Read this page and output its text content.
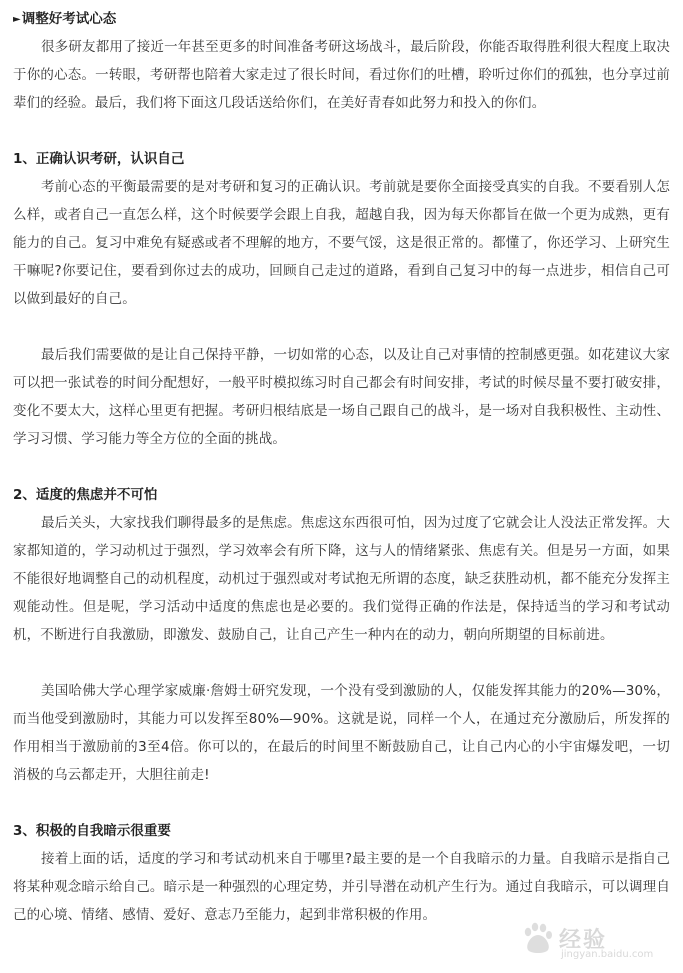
►调整好考试心态

很多研友都用了接近一年甚至更多的时间准备考研这场战斗，最后阶段，你能否取得胜利很大程度上取决于你的心态。一转眼，考研帮也陪着大家走过了很长时间，看过你们的吐槽，聆听过你们的孤独，也分享过前辈们的经验。最后，我们将下面这几段话送给你们，在美好青春如此努力和投入的你们。

1、正确认识考研，认识自己

考前心态的平衡最需要的是对考研和复习的正确认识。考前就是要你全面接受真实的自我。不要看别人怎么样，或者自己一直怎么样，这个时候要学会跟上自我，超越自我，因为每天你都旨在做一个更为成熟，更有能力的自己。复习中难免有疑惑或者不理解的地方，不要气馁，这是很正常的。都懂了，你还学习、上研究生干嘛呢?你要记住，要看到你过去的成功，回顾自己走过的道路，看到自己复习中的每一点进步，相信自己可以做到最好的自己。

最后我们需要做的是让自己保持平静，一切如常的心态，以及让自己对事情的控制感更强。如花建议大家可以把一张试卷的时间分配想好，一般平时模拟练习时自己都会有时间安排，考试的时候尽量不要打破安排，变化不要太大，这样心里更有把握。考研归根结底是一场自己跟自己的战斗，是一场对自我积极性、主动性、学习习惯、学习能力等全方位的全面的挑战。

2、适度的焦虑并不可怕

最后关头，大家找我们聊得最多的是焦虑。焦虑这东西很可怕，因为过度了它就会让人没法正常发挥。大家都知道的，学习动机过于强烈，学习效率会有所下降，这与人的情绪紧张、焦虑有关。但是另一方面，如果不能很好地调整自己的动机程度，动机过于强烈或对考试抱无所谓的态度，缺乏获胜动机，都不能充分发挥主观能动性。但是呢，学习活动中适度的焦虑也是必要的。我们觉得正确的作法是，保持适当的学习和考试动机，不断进行自我激励，即激发、鼓励自己，让自己产生一种内在的动力，朝向所期望的目标前进。

美国哈佛大学心理学家威廉·詹姆士研究发现，一个没有受到激励的人，仅能发挥其能力的20%—30%，而当他受到激励时，其能力可以发挥至80%—90%。这就是说，同样一个人，在通过充分激励后，所发挥的作用相当于激励前的3至4倍。你可以的，在最后的时间里不断鼓励自己，让自己内心的小宇宙爆发吧，一切消极的乌云都走开，大胆往前走!

3、积极的自我暗示很重要

接着上面的话，适度的学习和考试动机来自于哪里?最主要的是一个自我暗示的力量。自我暗示是指自己将某种观念暗示给自己。暗示是一种强烈的心理定势，并引导潜在动机产生行为。通过自我暗示，可以调理自己的心境、情绪、感情、爱好、意志乃至能力，起到非常积极的作用。

经验
jingyan.baidu.com
